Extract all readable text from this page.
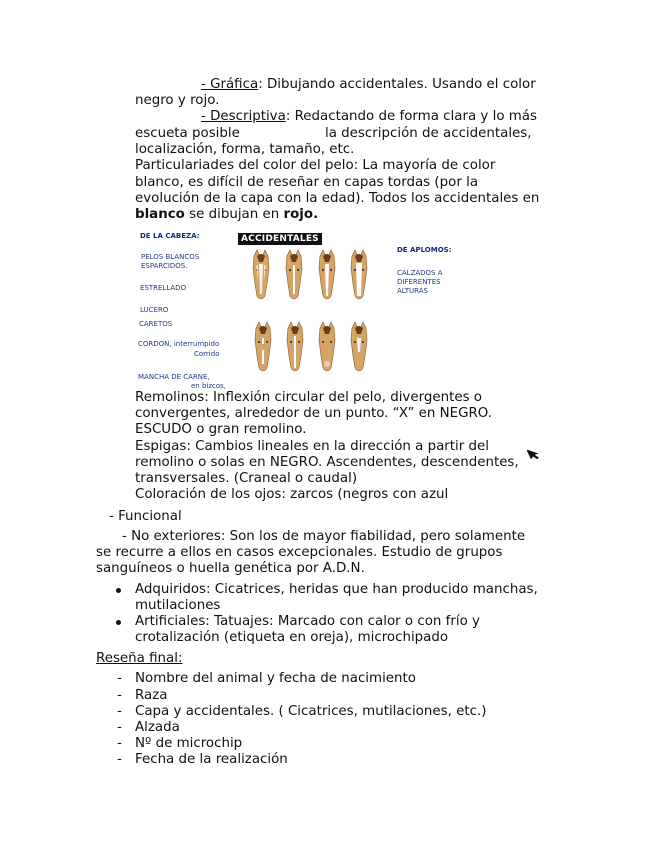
- Gráfica: Dibujando accidentales. Usando el color
negro y rojo.
- Descriptiva: Redactando de forma clara y lo más
escueta posible	la descripción de accidentales,
localización, forma, tamaño, etc.
Particulariades del color del pelo: La mayoría de color
blanco, es difícil de reseñar en capas tordas (por la
evolución de la capa con la edad). Todos los accidentales en
blanco se dibujan en rojo.
ACCIDENTALES
DE LA CABEZA:
PELOS BLANCOS
ESPARCIDOS.
ESTRELLADO
LUCERO
CARETOS
CORDON, interrumpido
Corrido
MANCHA DE CARNE,
en bizcos,
DE APLOMOS:
CALZADOS A
DIFERENTES
ALTURAS
Remolinos: Inflexión circular del pelo, divergentes o
convergentes, alrededor de un punto. “X” en NEGRO.
ESCUDO o gran remolino.
Espigas: Cambios lineales en la dirección a partir del
remolino o solas en NEGRO. Ascendentes, descendentes,
transversales. (Craneal o caudal)
Coloración de los ojos: zarcos (negros con azul
- Funcional
- No exteriores: Son los de mayor fiabilidad, pero solamente
se recurre a ellos en casos excepcionales. Estudio de grupos
sanguíneos o huella genética por A.D.N.
Adquiridos: Cicatrices, heridas que han producido manchas,
mutilaciones
Artificiales: Tatuajes: Marcado con calor o con frío y
crotalización (etiqueta en oreja), microchipado
Reseña final:
- Nombre del animal y fecha de nacimiento
- Raza
- Capa y accidentales. ( Cicatrices, mutilaciones, etc.)
- Alzada
- Nº de microchip
- Fecha de la realización
